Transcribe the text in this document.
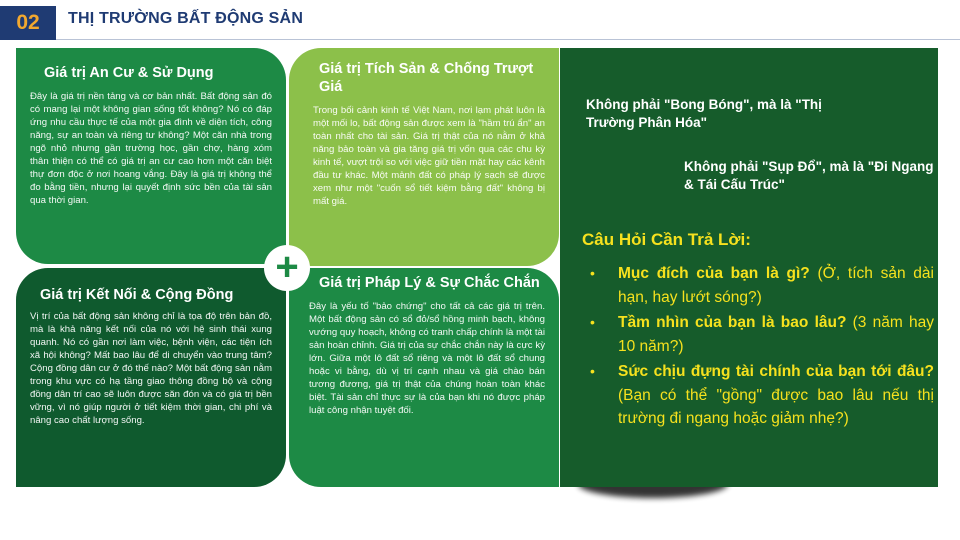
02	THỊ TRƯỜNG BẤT ĐỘNG SẢN
Giá trị An Cư & Sử Dụng

Đây là giá trị nền tảng và cơ bản nhất. Bất động sản đó có mang lại một không gian sống tốt không? Nó có đáp ứng nhu cầu thực tế của một gia đình về diện tích, công năng, sự an toàn và riêng tư không? Một căn nhà trong ngõ nhỏ nhưng gần trường học, gần chợ, hàng xóm thân thiện có thể có giá trị an cư cao hơn một căn biệt thự đơn độc ở nơi hoang vắng. Đây là giá trị không thể đo bằng tiền, nhưng lại quyết định sức bền của tài sản qua thời gian.

Giá trị Tích Sản & Chống Trượt Giá

Trong bối cảnh kinh tế Việt Nam, nơi lạm phát luôn là một mối lo, bất động sản được xem là "hầm trú ẩn" an toàn nhất cho tài sản. Giá trị thật của nó nằm ở khả năng bảo toàn và gia tăng giá trị vốn qua các chu kỳ kinh tế, vượt trội so với việc giữ tiền mặt hay các kênh đầu tư khác. Một mảnh đất có pháp lý sạch sẽ được xem như một "cuốn sổ tiết kiệm bằng đất" không bị mất giá.

Giá trị Kết Nối & Cộng Đồng

Vị trí của bất động sản không chỉ là tọa độ trên bản đồ, mà là khả năng kết nối của nó với hệ sinh thái xung quanh. Nó có gần nơi làm việc, bệnh viện, các tiện ích xã hội không? Mất bao lâu để di chuyển vào trung tâm? Cộng đồng dân cư ở đó thế nào? Một bất động sản nằm trong khu vực có hạ tầng giao thông đồng bộ và cộng đồng dân trí cao sẽ luôn được săn đón và có giá trị bền vững, vì nó giúp người ở tiết kiệm thời gian, chi phí và nâng cao chất lượng sống.

Giá trị Pháp Lý & Sự Chắc Chắn

Đây là yếu tố "bảo chứng" cho tất cả các giá trị trên. Một bất động sản có sổ đỏ/sổ hồng minh bạch, không vướng quy hoạch, không có tranh chấp chính là một tài sản hoàn chỉnh. Giá trị của sự chắc chắn này là cực kỳ lớn. Giữa một lô đất sổ riêng và một lô đất sổ chung hoặc vi bằng, dù vị trí cạnh nhau và giá chào bán tương đương, giá trị thật của chúng hoàn toàn khác biệt. Tài sản chỉ thực sự là của bạn khi nó được pháp luật công nhận tuyệt đối.

+
Không phải "Bong Bóng", mà là "Thị Trường Phân Hóa"
Không phải "Sụp Đổ", mà là "Đi Ngang & Tái Cấu Trúc"
Câu Hỏi Cần Trả Lời:
• Mục đích của bạn là gì? (Ở, tích sản dài hạn, hay lướt sóng?)
• Tầm nhìn của bạn là bao lâu? (3 năm hay 10 năm?)
• Sức chịu đựng tài chính của bạn tới đâu? (Bạn có thể "gồng" được bao lâu nếu thị trường đi ngang hoặc giảm nhẹ?)
